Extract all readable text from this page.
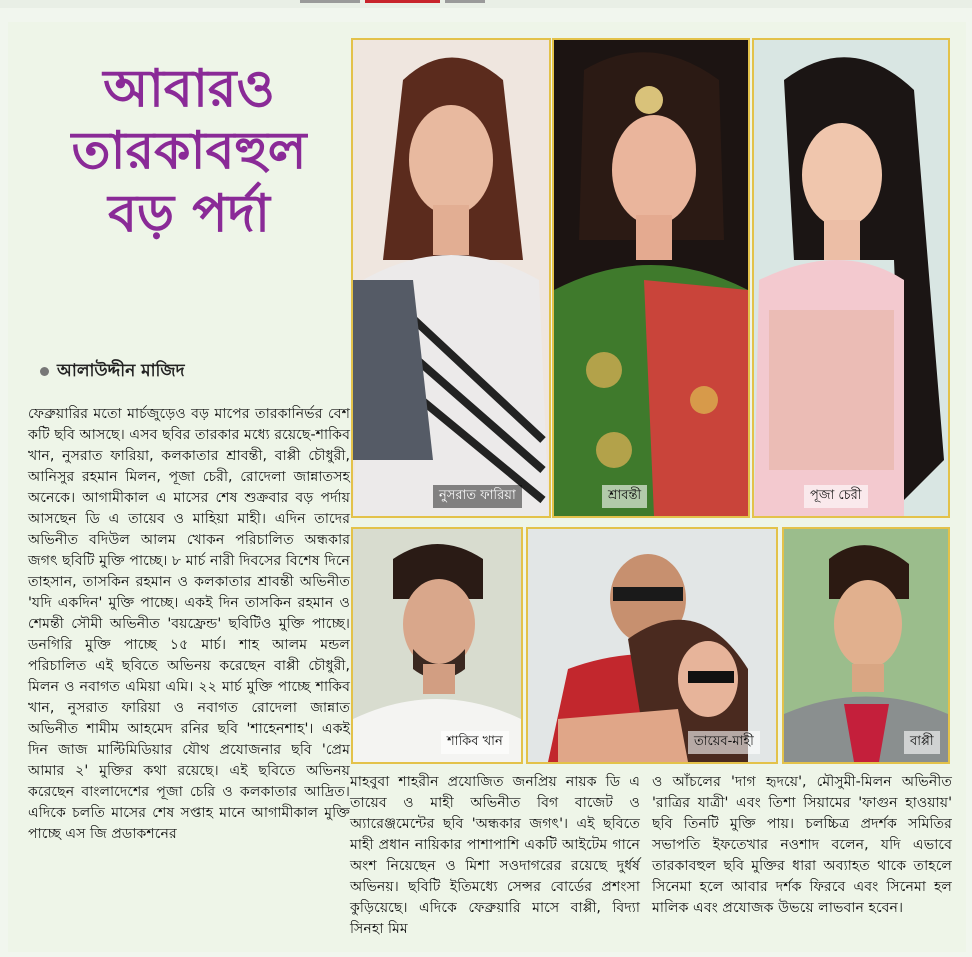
আবারও
তারকাবহুল
বড় পর্দা
আলাউদ্দীন মাজিদ
ফেব্রুয়ারির মতো মার্চজুড়েও বড় মাপের তারকানির্ভর বেশ কটি ছবি আসছে। এসব ছবির তারকার মধ্যে রয়েছে-শাকিব খান, নুসরাত ফারিয়া, কলকাতার শ্রাবন্তী, বাপ্পী চৌধুরী, আনিসুর রহমান মিলন, পূজা চেরী, রোদেলা জান্নাতসহ অনেকে। আগামীকাল এ মাসের শেষ শুক্রবার বড় পর্দায় আসছেন ডি এ তায়েব ও মাহিয়া মাহী। এদিন তাদের অভিনীত বদিউল আলম খোকন পরিচালিত অন্ধকার জগৎ ছবিটি মুক্তি পাচ্ছে। ৮ মার্চ নারী দিবসের বিশেষ দিনে তাহসান, তাসকিন রহমান ও কলকাতার শ্রাবন্তী অভিনীত 'যদি একদিন' মুক্তি পাচ্ছে। একই দিন তাসকিন রহমান ও শেমন্তী সৌমী অভিনীত 'বয়ফ্রেন্ড' ছবিটিও মুক্তি পাচ্ছে। ডনগিরি মুক্তি পাচ্ছে ১৫ মার্চ। শাহ আলম মন্ডল পরিচালিত এই ছবিতে অভিনয় করেছেন বাপ্পী চৌধুরী, মিলন ও নবাগত এমিয়া এমি। ২২ মার্চ মুক্তি পাচ্ছে শাকিব খান, নুসরাত ফারিয়া ও নবাগত রোদেলা জান্নাত অভিনীত শামীম আহমেদ রনির ছবি 'শাহেনশাহ'। একই দিন জাজ মাল্টিমিডিয়ার যৌথ প্রযোজনার ছবি 'প্রেম আমার ২' মুক্তির কথা রয়েছে। এই ছবিতে অভিনয় করেছেন বাংলাদেশের পূজা চেরি ও কলকাতার আদ্রিত। এদিকে চলতি মাসের শেষ সপ্তাহ মানে আগামীকাল মুক্তি পাচ্ছে এস জি প্রডাকশনের
মাহবুবা শাহরীন প্রযোজিত জনপ্রিয় নায়ক ডি এ তায়েব ও মাহী অভিনীত বিগ বাজেট ও অ্যারেঞ্জমেন্টের ছবি 'অন্ধকার জগৎ'। এই ছবিতে মাহী প্রধান নায়িকার পাশাপাশি একটি আইটেম গানে অংশ নিয়েছেন ও মিশা সওদাগরের রয়েছে দুর্ধর্ষ অভিনয়। ছবিটি ইতিমধ্যে সেন্সর বোর্ডের প্রশংসা কুড়িয়েছে। এদিকে ফেব্রুয়ারি মাসে বাপ্পী, বিদ্যা সিনহা মিম
ও আঁচলের 'দাগ হৃদয়ে', মৌসুমী-মিলন অভিনীত 'রাত্রির যাত্রী' এবং তিশা সিয়ামের 'ফাগুন হাওয়ায়' ছবি তিনটি মুক্তি পায়। চলচ্চিত্র প্রদর্শক সমিতির সভাপতি ইফতেখার নওশাদ বলেন, যদি এভাবে তারকাবহুল ছবি মুক্তির ধারা অব্যাহত থাকে তাহলে সিনেমা হলে আবার দর্শক ফিরবে এবং সিনেমা হল মালিক এবং প্রযোজক উভয়ে লাভবান হবেন।
নুসরাত ফারিয়া	শ্রাবন্তী	পূজা চেরী
শাকিব খান	তায়েব-মাহী	বাপ্পী
